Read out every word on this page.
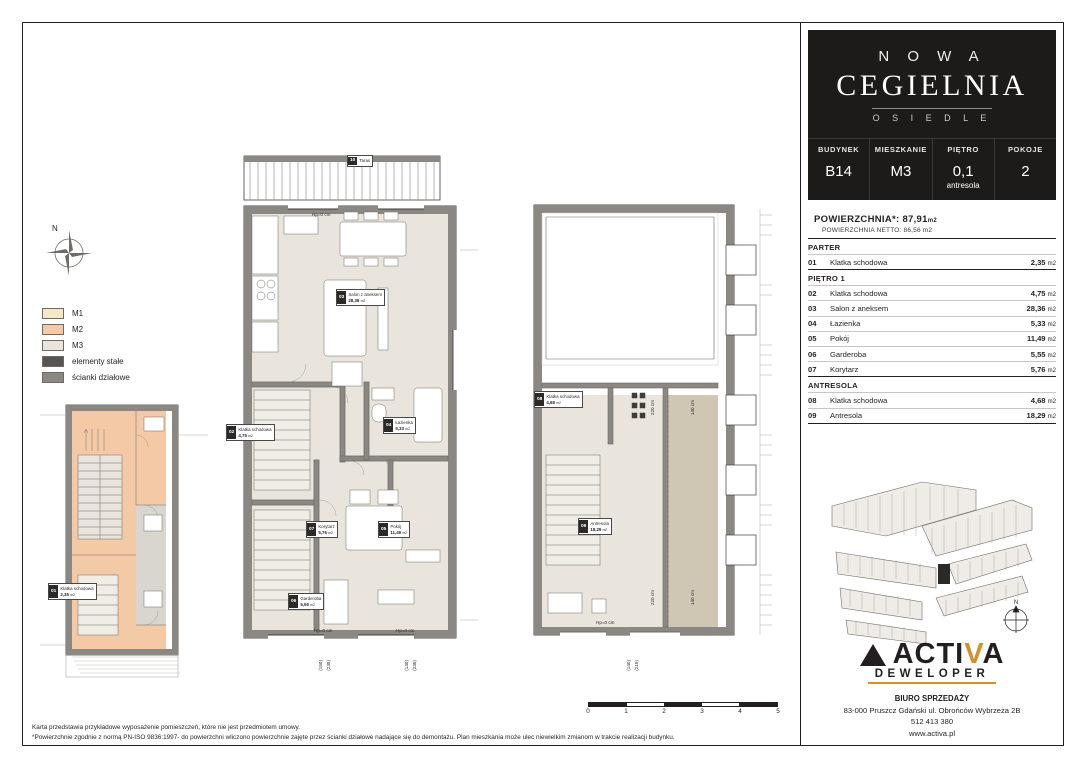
N O W A
CEGIELNIA
O S I E D L E
BUDYNEK
B14
MIESZKANIE
M3
PIĘTRO
0,1
antresola
POKOJE
2
POWIERZCHNIA*: 87,91m2
POWIERZCHNIA NETTO: 86,56 m2
PARTER		
01	Klatka schodowa	2,35 m2
PIĘTRO 1		
02	Klatka schodowa	4,75 m2
03	Salon z aneksem	28,36 m2
04	Łazienka	5,33 m2
05	Pokój	11,49 m2
06	Garderoba	5,55 m2
07	Korytarz	5,76 m2
ANTRESOLA		
08	Klatka schodowa	4,68 m2
09	Antresola	18,29 m2
N
ACTIVA
DEWELOPER
BIURO SPRZEDAŻY
83-000 Pruszcz Gdański ul. Obrońców Wybrzeża 2B
512 413 380
www.activa.pl
N
M1
M2
M3
elementy stałe
ścianki działowe
01
Klatka schodowa
2,35 m2
10 Taras
03
Salon z aneksem
28,36 m2
02
Klatka schodowa
4,75 m2
04
Łazienka
5,33 m2
07
Korytarz
5,76 m2
05
Pokój
11,49 m2
06
Garderoba
5,55 m2
Hp=0 cm
Hp=0 cm	Hp=0 cm
(150) (235)	(140) (235)	(140) (215)
08
Klatka schodowa
4,68 m2
09
Antresola
18,29 m2
220 cm	140 cm
220 cm	140 cm
Hp=0 cm
0	1	2	3	4	5
Karta przedstawia przykładowe wyposażenie pomieszczeń, które nie jest przedmiotem umowy.
*Powierzchnie zgodnie z normą PN-ISO 9836:1997- do powierzchni wliczono powierzchnie zajęte przez ścianki działowe nadające się do demontażu. Plan mieszkania może ulec niewielkim zmianom w trakcie realizacji budynku.
